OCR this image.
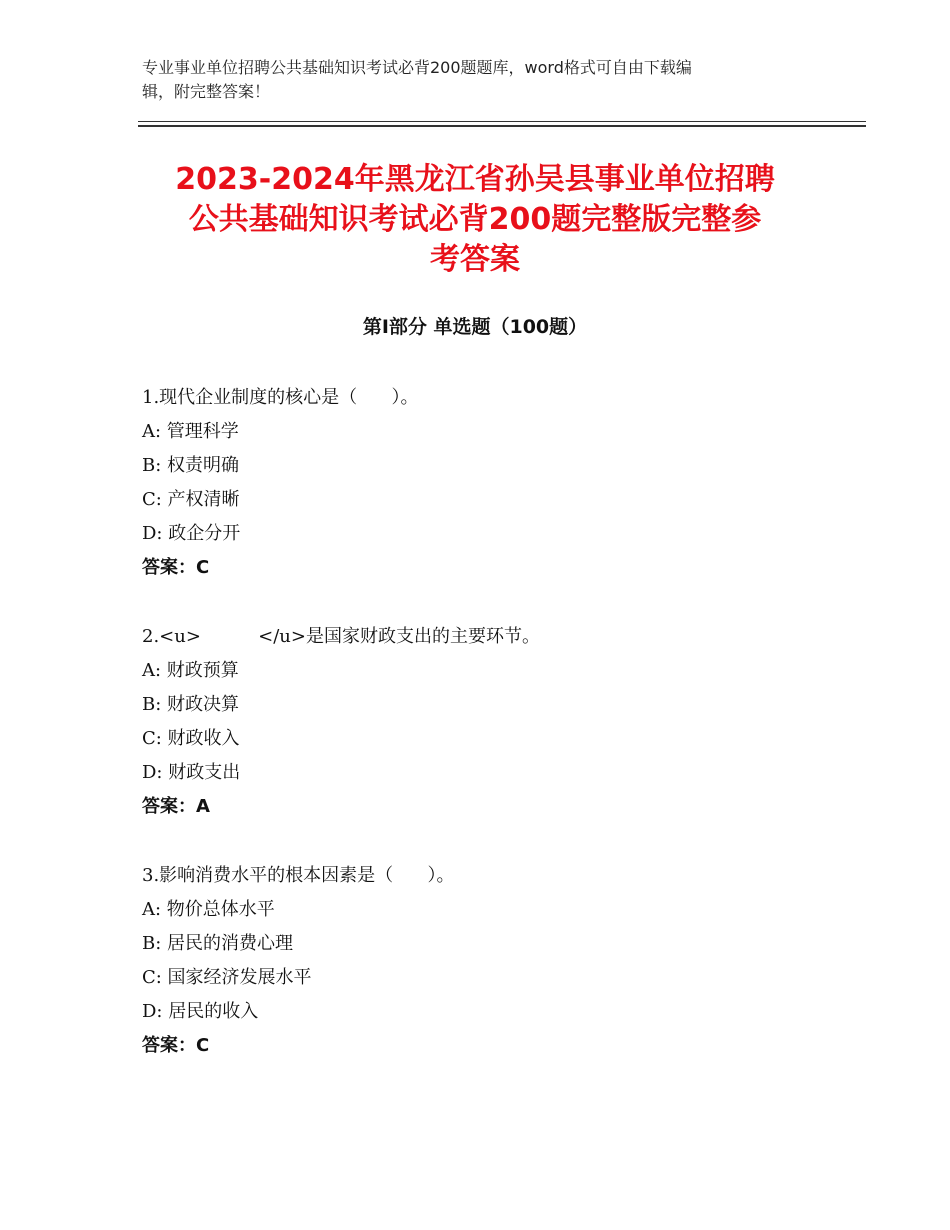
专业事业单位招聘公共基础知识考试必背200题题库，word格式可自由下载编
辑，附完整答案！
2023-2024年黑龙江省孙吴县事业单位招聘
公共基础知识考试必背200题完整版完整参
考答案
第Ⅰ部分 单选题（100题）
1.现代企业制度的核心是（      ）。
A: 管理科学
B: 权责明确
C: 产权清晰
D: 政企分开
答案：C
2.<u>          </u>是国家财政支出的主要环节。
A: 财政预算
B: 财政决算
C: 财政收入
D: 财政支出
答案：A
3.影响消费水平的根本因素是（      ）。
A: 物价总体水平
B: 居民的消费心理
C: 国家经济发展水平
D: 居民的收入
答案：C
